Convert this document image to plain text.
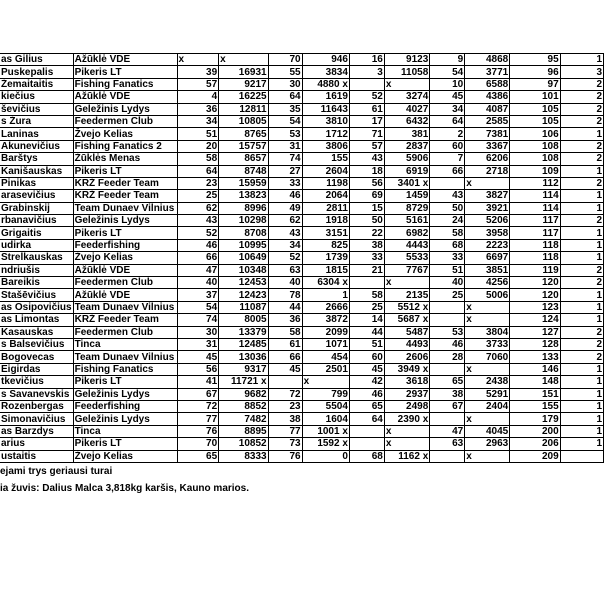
as Gilius	Ažūklė VDE	x	x	70	946	16	9123	9	4868	95	1
Puskepalis	Pikeris LT	39	16931	55	3834	3	11058	54	3771	96	3
Žemaitaitis	Fishing Fanatics	57	9217	30	4880 x		x	10	6588	97	2
kiečius	Ažūklė VDE	4	16225	64	1619	52	3274	45	4386	101	2
ševičius	Geležinis Lydys	36	12811	35	11643	61	4027	34	4087	105	2
s Žura	Feedermen Club	34	10805	54	3810	17	6432	64	2585	105	2
Laninas	Žvejo Kelias	51	8765	53	1712	71	381	2	7381	106	1
Akunevičius	Fishing Fanatics 2	20	15757	31	3806	57	2837	60	3367	108	2
Barštys	Žūklės Menas	58	8657	74	155	43	5906	7	6206	108	2
Kanišauskas	Pikeris LT	64	8748	27	2604	18	6919	66	2718	109	1
Pinikas	KRŽ Feeder Team	23	15959	33	1198	56	3401 x		x	112	2
arasevičius	KRŽ Feeder Team	25	13823	46	2064	69	1459	43	3827	114	1
Grabinskij	Team Dunaev Vilnius	62	8996	49	2811	15	8729	50	3921	114	1
rbanavičius	Geležinis Lydys	43	10298	62	1918	50	5161	24	5206	117	2
Grigaitis	Pikeris LT	52	8708	43	3151	22	6982	58	3958	117	1
udirka	Feederfishing	46	10995	34	825	38	4443	68	2223	118	1
Strelkauskas	Žvejo Kelias	66	10649	52	1739	33	5533	33	6697	118	1
ndriušis	Ažūklė VDE	47	10348	63	1815	21	7767	51	3851	119	2
Bareikis	Feedermen Club	40	12453	40	6304 x		x	40	4256	120	2
Stašēvičius	Ažūklė VDE	37	12423	78	1	58	2135	25	5006	120	1
as Osipovičius	Team Dunaev Vilnius	54	11087	44	2666	25	5512 x		x	123	1
as Limontas	KRŽ Feeder Team	74	8005	36	3872	14	5687 x		x	124	1
Kasauskas	Feedermen Club	30	13379	58	2099	44	5487	53	3804	127	2
s Balsevičius	Tinca	31	12485	61	1071	51	4493	46	3733	128	2
Bogovecas	Team Dunaev Vilnius	45	13036	66	454	60	2606	28	7060	133	2
Eigirdas	Fishing Fanatics	56	9317	45	2501	45	3949 x		x	146	1
tkevičius	Pikeris LT	41	11721 x		x	42	3618	65	2438	148	1
s Savanevskis	Geležinis Lydys	67	9682	72	799	46	2937	38	5291	151	1
Rozenbergas	Feederfishing	72	8852	23	5504	65	2498	67	2404	155	1
Simonavičius	Geležinis Lydys	77	7482	38	1604	64	2390 x		x	179	1
as Barzdys	Tinca	76	8895	77	1001 x		x	47	4045	200	1
arius	Pikeris LT	70	10852	73	1592 x		x	63	2963	206	1
ustaitis	Žvejo Kelias	65	8333	76	0	68	1162 x		x	209	
ejami trys geriausi turai
ia žuvis: Dalius Malca 3,818kg karšis, Kauno marios.
